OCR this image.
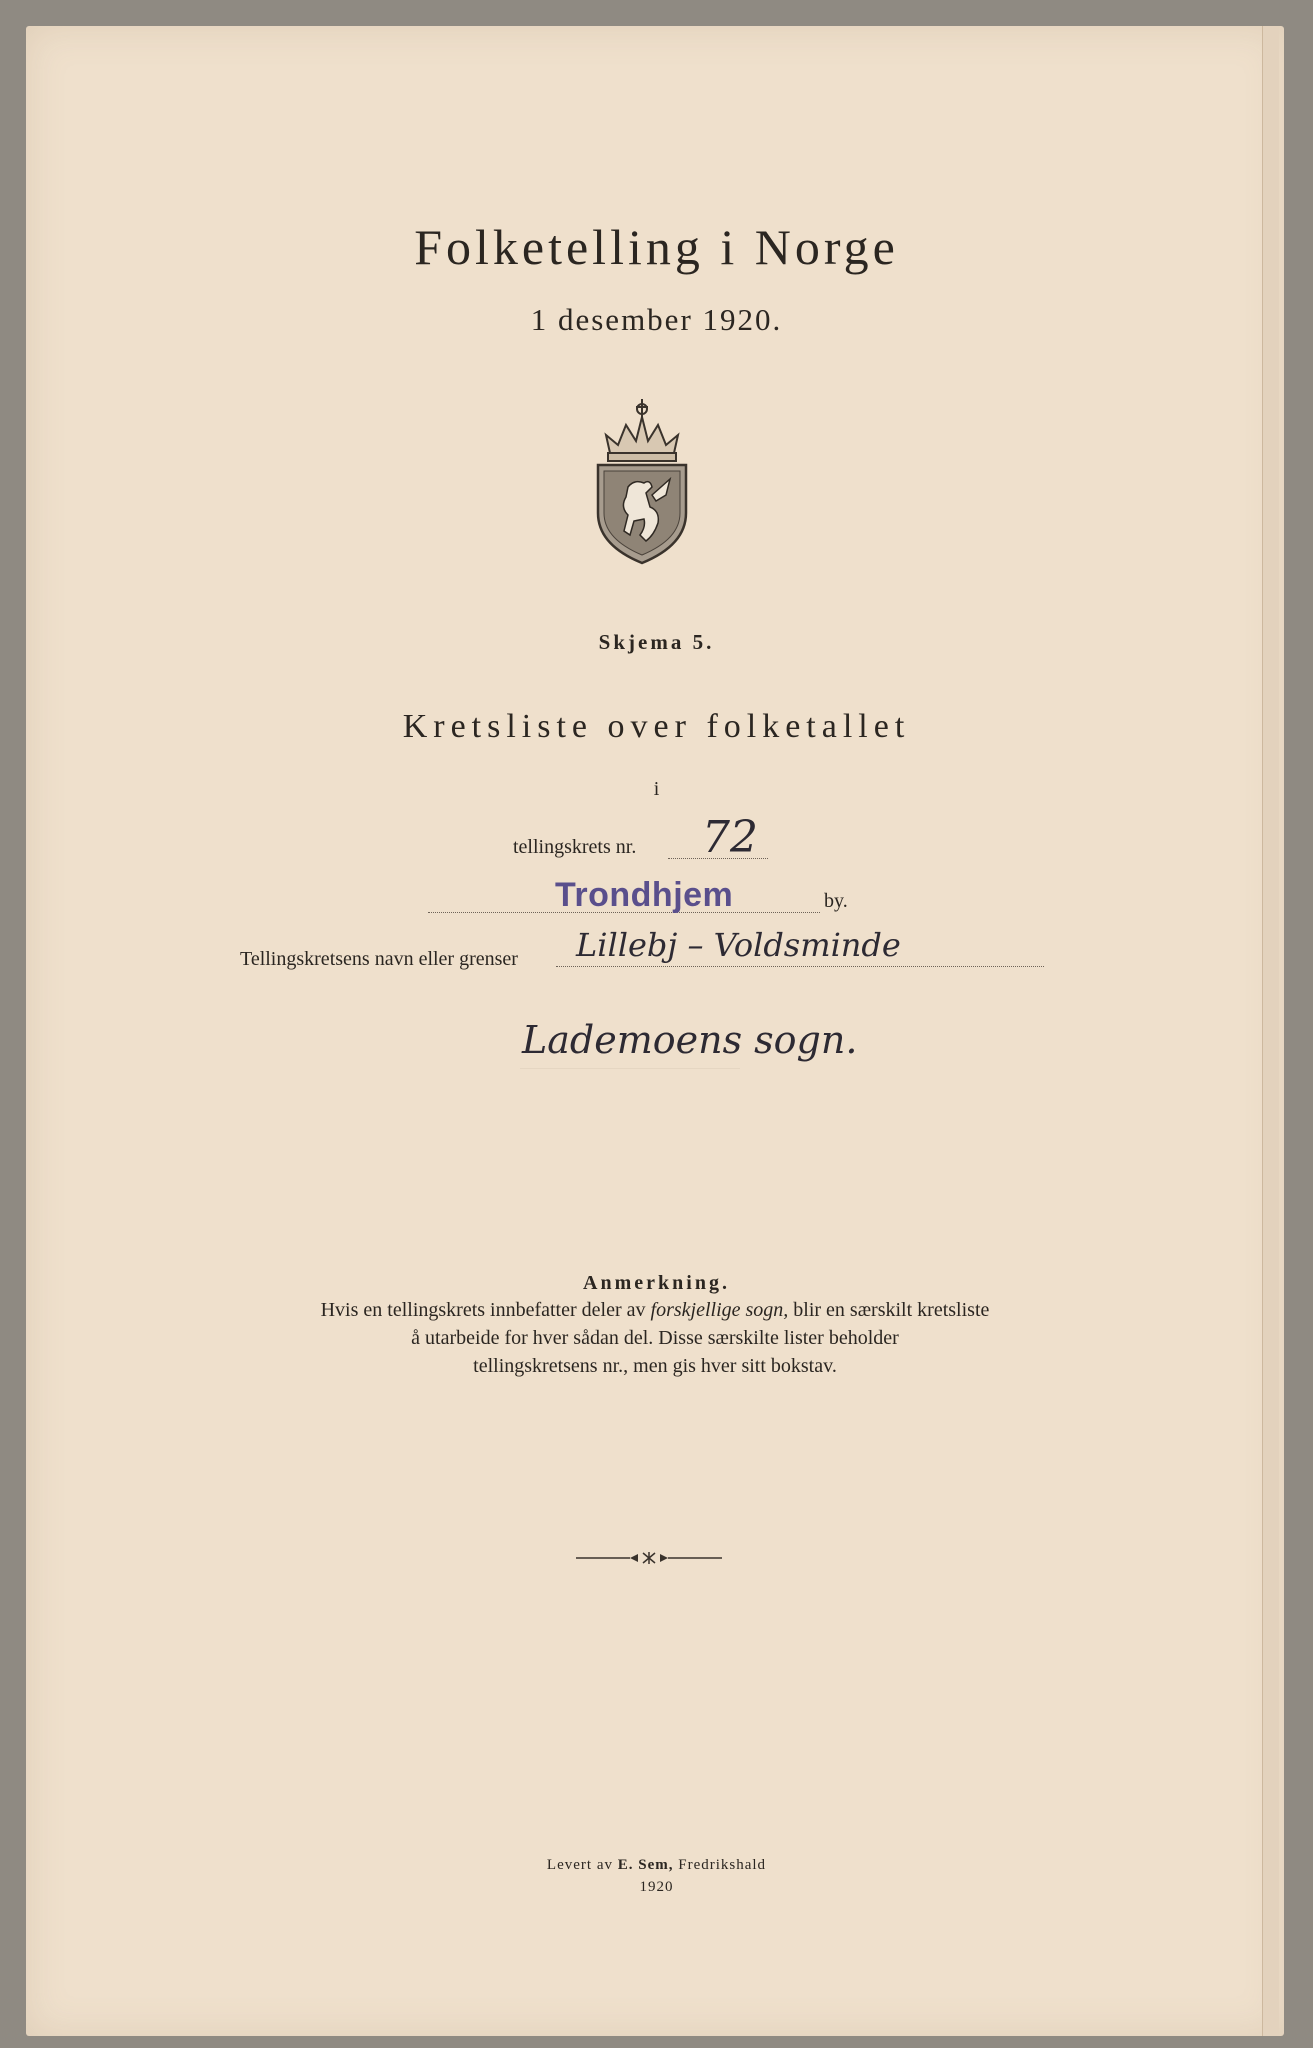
Folketelling i Norge
1 desember 1920.
Skjema 5.
Kretsliste over folketallet
i
tellingskrets nr. 72
Trondhjem	by.
Tellingskretsens navn eller grenser Lillebj – Voldsminde
Lademoens sogn.
Anmerkning.
Hvis en tellingskrets innbefatter deler av forskjellige sogn, blir en særskilt kretsliste
å utarbeide for hver sådan del. Disse særskilte lister beholder
tellingskretsens nr., men gis hver sitt bokstav.
Levert av E. Sem, Fredrikshald
1920
